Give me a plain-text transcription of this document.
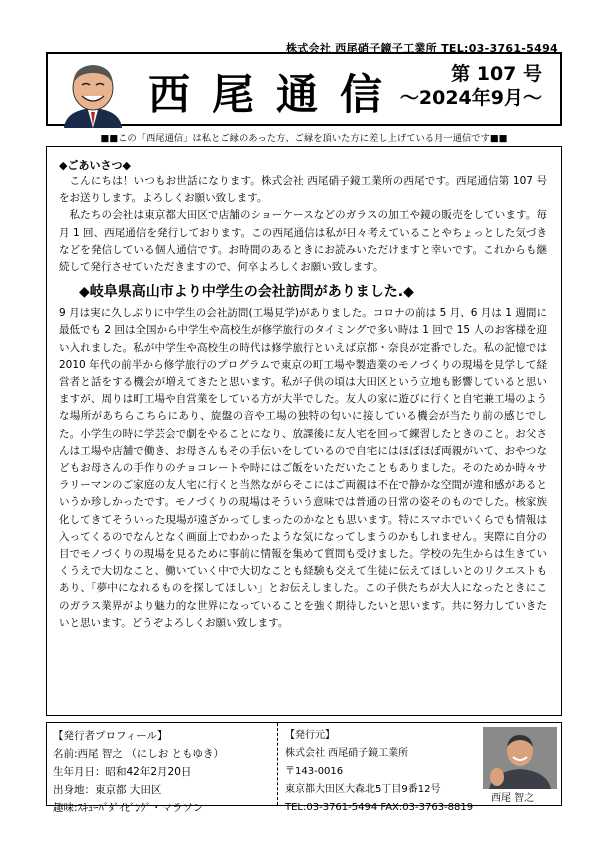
株式会社 西尾硝子鏡子工業所 TEL:03-3761-5494
西尾通信	第 107 号
～2024年9月～
■■この「西尾通信」は私とご縁のあった方、ご縁を頂いた方に差し上げている月一通信です■■
◆ごあいさつ◆

こんにちは！いつもお世話になります。株式会社 西尾硝子鏡工業所の西尾です。西尾通信第 107 号をお送りします。よろしくお願い致します。

私たちの会社は東京都大田区で店舗のショーケースなどのガラスの加工や鏡の販売をしています。毎月 1 回、西尾通信を発行しております。この西尾通信は私が日々考えていることやちょっとした気づきなどを発信している個人通信です。お時間のあるときにお読みいただけますと幸いです。これからも継続して発行させていただきますので、何卒よろしくお願い致します。

◆岐阜県高山市より中学生の会社訪問がありました.◆

9 月は実に久しぶりに中学生の会社訪問(工場見学)がありました。コロナの前は 5 月、6 月は 1 週間に最低でも 2 回は全国から中学生や高校生が修学旅行のタイミングで多い時は 1 回で 15 人のお客様を迎い入れました。私が中学生や高校生の時代は修学旅行といえば京都・奈良が定番でした。私の記憶では 2010 年代の前半から修学旅行のプログラムで東京の町工場や製造業のモノづくりの現場を見学して経営者と話をする機会が増えてきたと思います。私が子供の頃は大田区という立地も影響していると思いますが、周りは町工場や自営業をしている方が大半でした。友人の家に遊びに行くと自宅兼工場のような場所があちらこちらにあり、旋盤の音や工場の独特の匂いに接している機会が当たり前の感じでした。小学生の時に学芸会で劇をやることになり、放課後に友人宅を回って練習したときのこと。お父さんは工場や店舗で働き、お母さんもその手伝いをしているので自宅にはほぼほぼ両親がいて、おやつなどもお母さんの手作りのチョコレートや時にはご飯をいただいたこともありました。そのためか時々サラリーマンのご家庭の友人宅に行くと当然ながらそこにはご両親は不在で静かな空間が違和感があるというか珍しかったです。モノづくりの現場はそういう意味では普通の日常の姿そのものでした。核家族化してきてそういった現場が遠ざかってしまったのかなとも思います。特にスマホでいくらでも情報は入ってくるのでなんとなく画面上でわかったような気になってしまうのかもしれません。実際に自分の目でモノづくりの現場を見るために事前に情報を集めて質問も受けました。学校の先生からは生きていくうえで大切なこと、働いていく中で大切なことも経験も交えて生徒に伝えてほしいとのリクエストもあり、「夢中になれるものを探してほしい」とお伝えしました。この子供たちが大人になったときにこのガラス業界がより魅力的な世界になっていることを強く期待したいと思います。共に努力していきたいと思います。どうぞよろしくお願い致します。

【発行者プロフィール】
名前:西尾 智之 （にしお ともゆき）
生年月日：昭和42年2月20日
出身地：東京都 大田区
趣味:ｽｷｭｰﾊﾞﾀﾞｲﾋﾞﾝｸﾞ・マラソン
【発行元】
株式会社 西尾硝子鏡工業所
〒143-0016
東京都大田区大森北5丁目9番12号
TEL:03-3761-5494 FAX:03-3763-8819
西尾 智之
